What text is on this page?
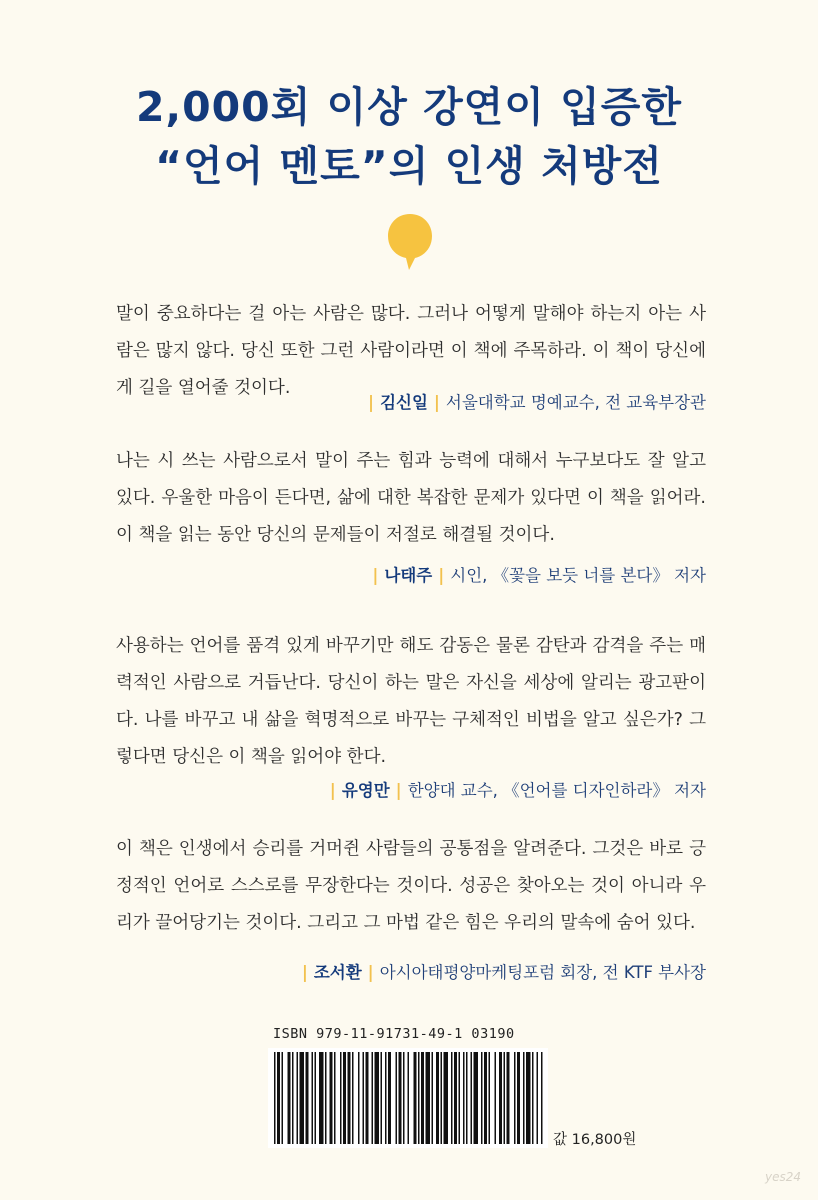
2,000회 이상 강연이 입증한
“언어 멘토”의 인생 처방전
말이 중요하다는 걸 아는 사람은 많다. 그러나 어떻게 말해야 하는지 아는 사람은 많지 않다. 당신 또한 그런 사람이라면 이 책에 주목하라. 이 책이 당신에게 길을 열어줄 것이다.
| 김신일 | 서울대학교 명예교수, 전 교육부장관
나는 시 쓰는 사람으로서 말이 주는 힘과 능력에 대해서 누구보다도 잘 알고 있다. 우울한 마음이 든다면, 삶에 대한 복잡한 문제가 있다면 이 책을 읽어라. 이 책을 읽는 동안 당신의 문제들이 저절로 해결될 것이다.
| 나태주 | 시인, 《꽃을 보듯 너를 본다》 저자
사용하는 언어를 품격 있게 바꾸기만 해도 감동은 물론 감탄과 감격을 주는 매력적인 사람으로 거듭난다. 당신이 하는 말은 자신을 세상에 알리는 광고판이다. 나를 바꾸고 내 삶을 혁명적으로 바꾸는 구체적인 비법을 알고 싶은가? 그렇다면 당신은 이 책을 읽어야 한다.
| 유영만 | 한양대 교수, 《언어를 디자인하라》 저자
이 책은 인생에서 승리를 거머쥔 사람들의 공통점을 알려준다. 그것은 바로 긍정적인 언어로 스스로를 무장한다는 것이다. 성공은 찾아오는 것이 아니라 우리가 끌어당기는 것이다. 그리고 그 마법 같은 힘은 우리의 말속에 숨어 있다.
| 조서환 | 아시아태평양마케팅포럼 회장, 전 KTF 부사장
ISBN 979-11-91731-49-1 03190
값 16,800원
yes24
